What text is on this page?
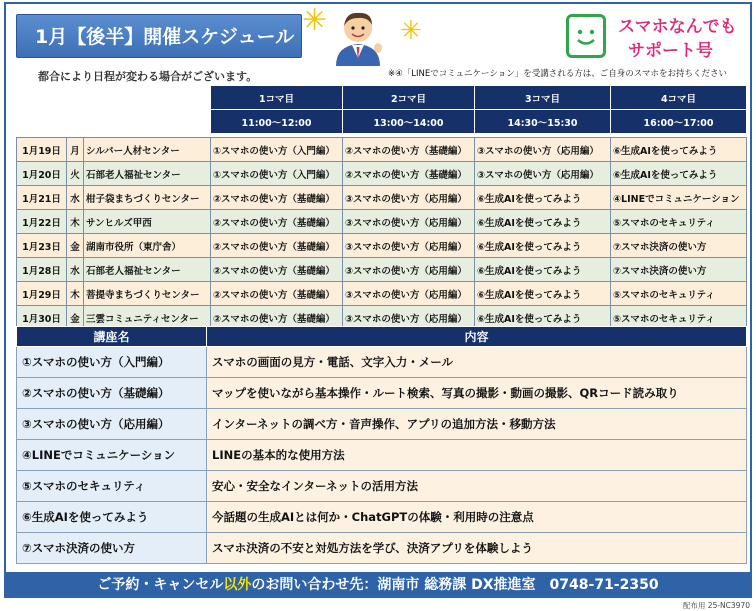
1月【後半】開催スケジュール ✳	✳	スマホなんでも
サポート号
都合により日程が変わる場合がございます。	※④「LINEでコミュニケーション」を受講される方は、ご自身のスマホをお持ちください
			1コマ目	2コマ目	3コマ目	4コマ目
			11:00～12:00	13:00～14:00	14:30～15:30	16:00～17:00

1月19日	月	シルバー人材センター	①スマホの使い方（入門編）	②スマホの使い方（基礎編）	③スマホの使い方（応用編）	⑥生成AIを使ってみよう
1月20日	火	石部老人福祉センター	①スマホの使い方（入門編）	②スマホの使い方（基礎編）	③スマホの使い方（応用編）	⑥生成AIを使ってみよう
1月21日	水	柑子袋まちづくりセンター	②スマホの使い方（基礎編）	③スマホの使い方（応用編）	⑥生成AIを使ってみよう	④LINEでコミュニケーション
1月22日	木	サンヒルズ甲西	②スマホの使い方（基礎編）	③スマホの使い方（応用編）	⑥生成AIを使ってみよう	⑤スマホのセキュリティ
1月23日	金	湖南市役所（東庁舎）	②スマホの使い方（基礎編）	③スマホの使い方（応用編）	⑥生成AIを使ってみよう	⑦スマホ決済の使い方
1月28日	水	石部老人福祉センター	②スマホの使い方（基礎編）	③スマホの使い方（応用編）	⑥生成AIを使ってみよう	⑦スマホ決済の使い方
1月29日	木	菩提寺まちづくりセンター	②スマホの使い方（基礎編）	③スマホの使い方（応用編）	⑥生成AIを使ってみよう	⑤スマホのセキュリティ
1月30日	金	三雲コミュニティセンター	②スマホの使い方（基礎編）	③スマホの使い方（応用編）	⑥生成AIを使ってみよう	⑤スマホのセキュリティ
講座名	内容
①スマホの使い方（入門編）	スマホの画面の見方・電話、文字入力・メール
②スマホの使い方（基礎編）	マップを使いながら基本操作・ルート検索、写真の撮影・動画の撮影、QRコード読み取り
③スマホの使い方（応用編）	インターネットの調べ方・音声操作、アプリの追加方法・移動方法
④LINEでコミュニケーション	LINEの基本的な使用方法
⑤スマホのセキュリティ	安心・安全なインターネットの活用方法
⑥生成AIを使ってみよう	今話題の生成AIとは何か・ChatGPTの体験・利用時の注意点
⑦スマホ決済の使い方	スマホ決済の不安と対処方法を学び、決済アプリを体験しよう
ご予約・キャンセル以外のお問い合わせ先：湖南市 総務課 DX推進室　0748-71-2350
配布用 25-NC3970
